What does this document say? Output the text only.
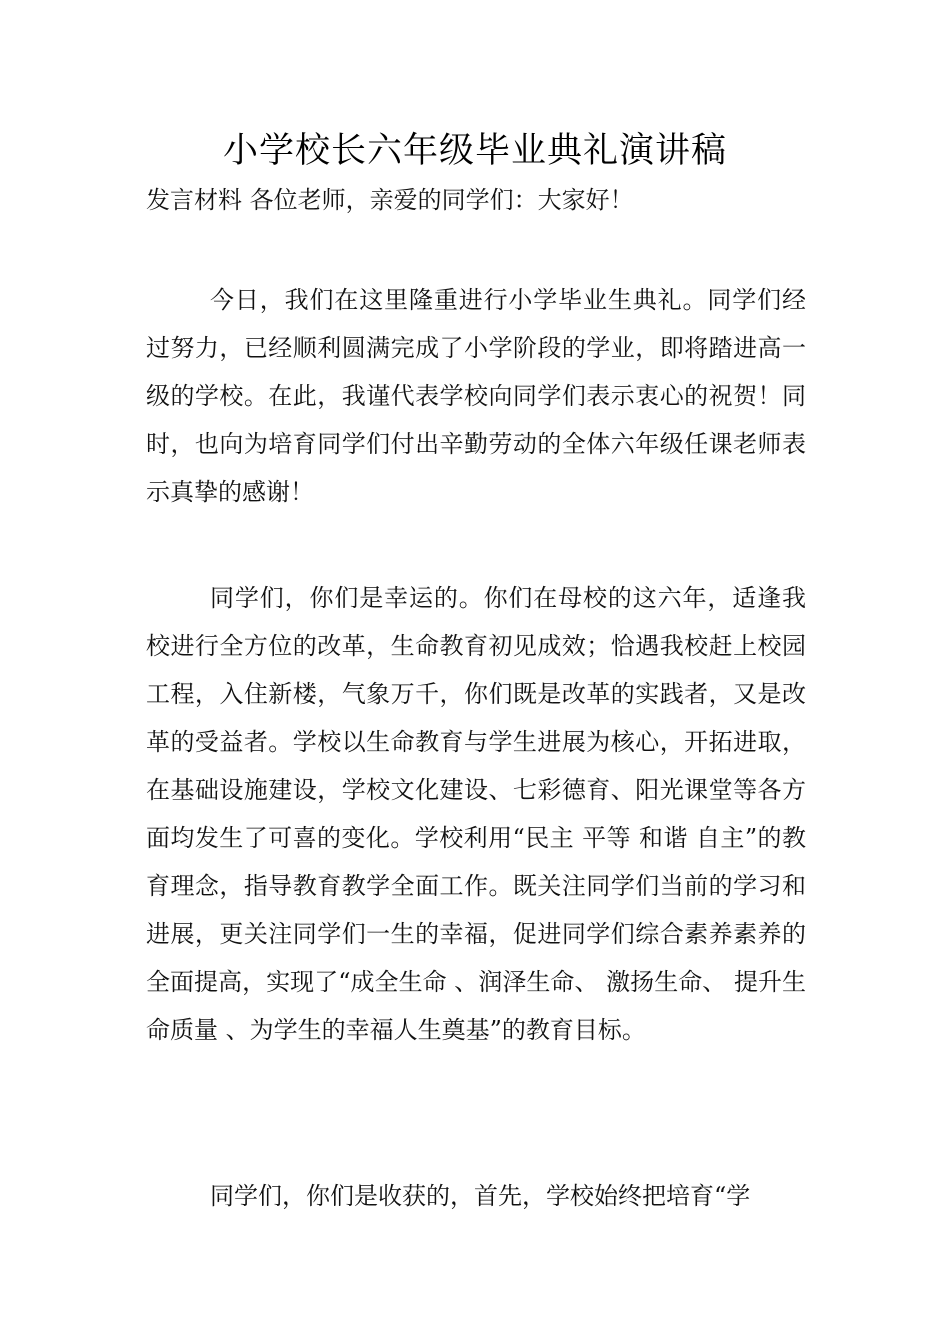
小学校长六年级毕业典礼演讲稿
发言材料 各位老师，亲爱的同学们：大家好！

今日，我们在这里隆重进行小学毕业生典礼。同学们经过努力，已经顺利圆满完成了小学阶段的学业，即将踏进高一级的学校。在此，我谨代表学校向同学们表示衷心的祝贺！同时，也向为培育同学们付出辛勤劳动的全体六年级任课老师表示真挚的感谢！

同学们，你们是幸运的。你们在母校的这六年，适逢我校进行全方位的改革，生命教育初见成效；恰遇我校赶上校园工程，入住新楼，气象万千，你们既是改革的实践者，又是改革的受益者。学校以生命教育与学生进展为核心，开拓进取，在基础设施建设，学校文化建设、七彩德育、阳光课堂等各方面均发生了可喜的变化。学校利用“民主 平等 和谐 自主”的教育理念，指导教育教学全面工作。既关注同学们当前的学习和进展，更关注同学们一生的幸福，促进同学们综合素养素养的全面提高，实现了“成全生命 、润泽生命、 激扬生命、 提升生命质量 、为学生的幸福人生奠基”的教育目标。

同学们，你们是收获的，首先，学校始终把培育“学
